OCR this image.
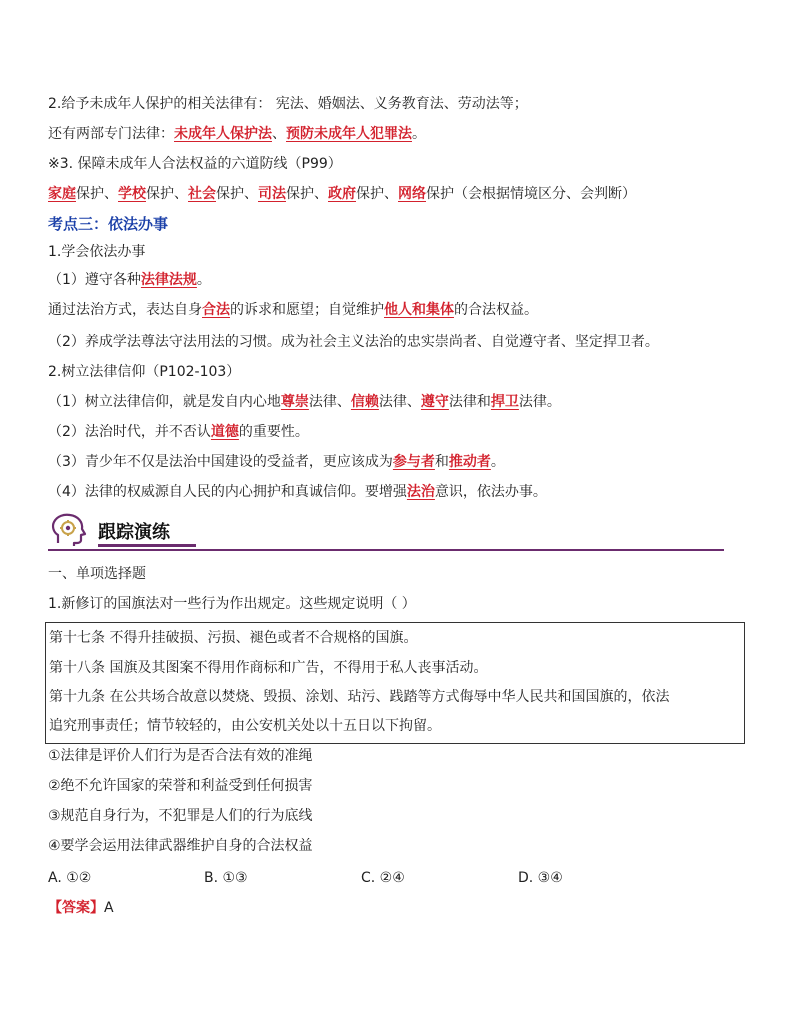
2.给予未成年人保护的相关法律有： 宪法、婚姻法、义务教育法、劳动法等；
还有两部专门法律：未成年人保护法、预防未成年人犯罪法。
※3. 保障未成年人合法权益的六道防线（P99）
家庭保护、学校保护、社会保护、司法保护、政府保护、网络保护（会根据情境区分、会判断）
考点三：依法办事
1.学会依法办事
（1）遵守各种法律法规。
通过法治方式，表达自身合法的诉求和愿望；自觉维护他人和集体的合法权益。
（2）养成学法尊法守法用法的习惯。成为社会主义法治的忠实崇尚者、自觉遵守者、坚定捍卫者。
2.树立法律信仰（P102-103）
（1）树立法律信仰，就是发自内心地尊崇法律、信赖法律、遵守法律和捍卫法律。
（2）法治时代，并不否认道德的重要性。
（3）青少年不仅是法治中国建设的受益者，更应该成为参与者和推动者。
（4）法律的权威源自人民的内心拥护和真诚信仰。要增强法治意识，依法办事。
跟踪演练
一、单项选择题
1.新修订的国旗法对一些行为作出规定。这些规定说明（ ）
第十七条 不得升挂破损、污损、褪色或者不合规格的国旗。
第十八条 国旗及其图案不得用作商标和广告，不得用于私人丧事活动。
第十九条 在公共场合故意以焚烧、毁损、涂划、玷污、践踏等方式侮辱中华人民共和国国旗的，依法
追究刑事责任；情节较轻的，由公安机关处以十五日以下拘留。
①法律是评价人们行为是否合法有效的准绳
②绝不允许国家的荣誉和利益受到任何损害
③规范自身行为，不犯罪是人们的行为底线
④要学会运用法律武器维护自身的合法权益
A. ①②	B. ①③	C. ②④	D. ③④
【答案】A
